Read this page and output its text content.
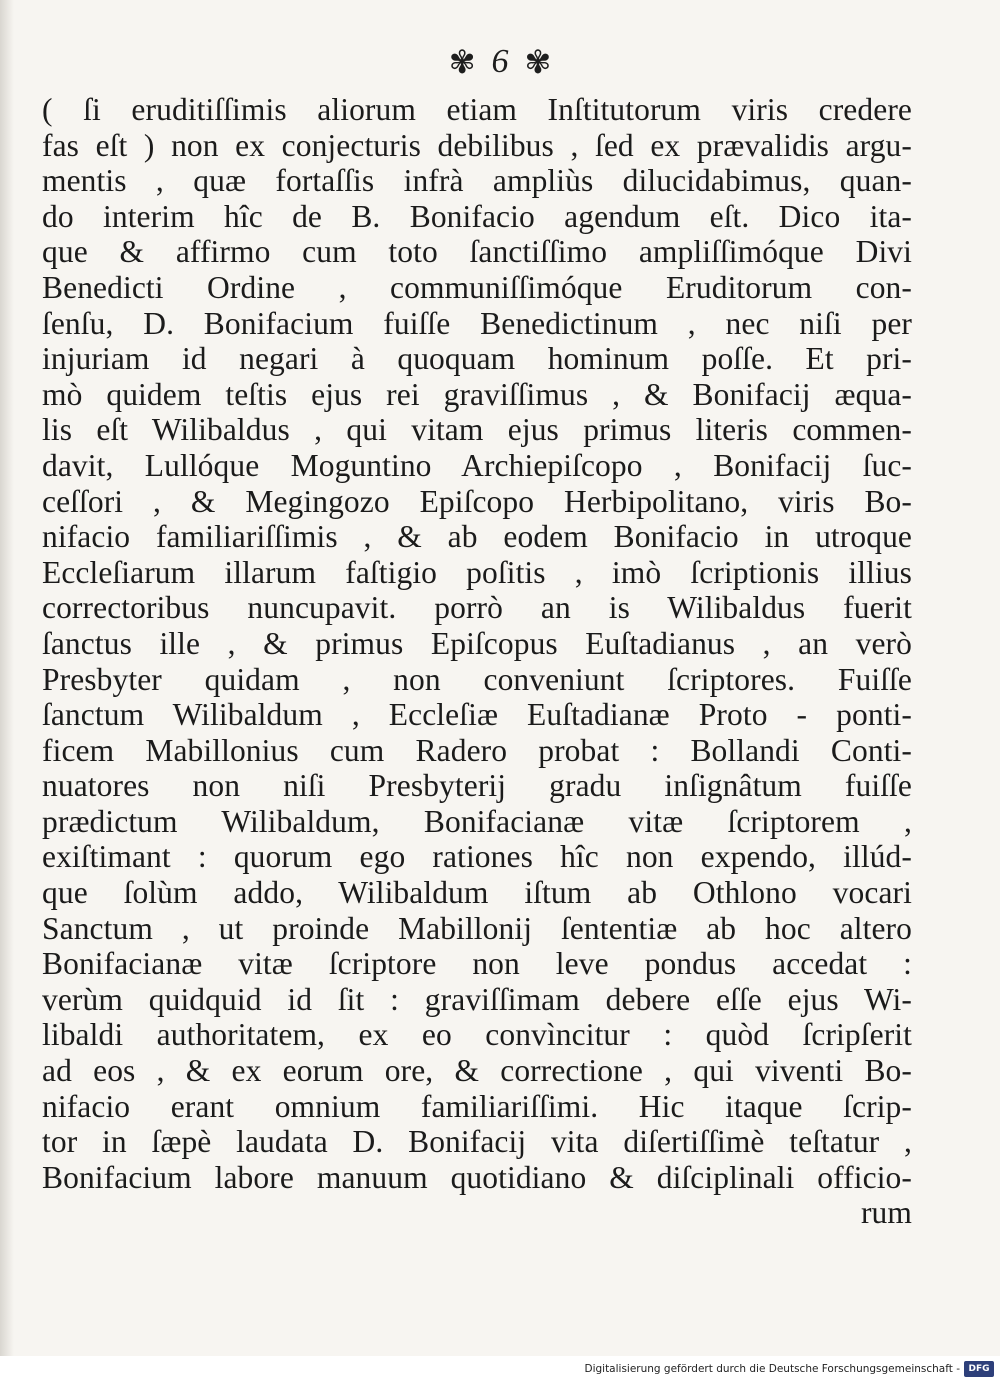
✾ 6 ✾
( ſi eruditiſſimis aliorum etiam Inſtitutorum viris credere
fas eſt ) non ex conjecturis debilibus , ſed ex prævalidis argu-
mentis , quæ fortaſſis infrà ampliùs dilucidabimus, quan-
do interim hîc de B. Bonifacio agendum eſt. Dico ita-
que & affirmo cum toto ſanctiſſimo ampliſſimóque Divi
Benedicti Ordine , communiſſimóque Eruditorum con-
ſenſu, D. Bonifacium fuiſſe Benedictinum , nec niſi per
injuriam id negari à quoquam hominum poſſe. Et pri-
mò quidem teſtis ejus rei graviſſimus , & Bonifacij æqua-
lis eſt Wilibaldus , qui vitam ejus primus literis commen-
davit, Lullóque Moguntino Archiepiſcopo , Bonifacij ſuc-
ceſſori , & Megingozo Epiſcopo Herbipolitano, viris Bo-
nifacio familiariſſimis , & ab eodem Bonifacio in utroque
Eccleſiarum illarum faſtigio poſitis , imò ſcriptionis illius
correctoribus nuncupavit. porrò an is Wilibaldus fuerit
ſanctus ille , & primus Epiſcopus Euſtadianus , an verò
Presbyter quidam , non conveniunt ſcriptores. Fuiſſe
ſanctum Wilibaldum , Eccleſiæ Euſtadianæ Proto - ponti-
ficem Mabillonius cum Radero probat : Bollandi Conti-
nuatores non niſi Presbyterij gradu inſignâtum fuiſſe
prædictum Wilibaldum, Bonifacianæ vitæ ſcriptorem ,
exiſtimant : quorum ego rationes hîc non expendo, illúd-
que ſolùm addo, Wilibaldum iſtum ab Othlono vocari
Sanctum , ut proinde Mabillonij ſententiæ ab hoc altero
Bonifacianæ vitæ ſcriptore non leve pondus accedat :
verùm quidquid id ſit : graviſſimam debere eſſe ejus Wi-
libaldi authoritatem, ex eo convìncitur : quòd ſcripſerit
ad eos , & ex eorum ore, & correctione , qui viventi Bo-
nifacio erant omnium familiariſſimi. Hic itaque ſcrip-
tor in ſæpè laudata D. Bonifacij vita diſertiſſimè teſtatur ,
Bonifacium labore manuum quotidiano & diſciplinali officio-
rum
Digitalisierung gefördert durch die Deutsche Forschungsgemeinschaft - DFG
